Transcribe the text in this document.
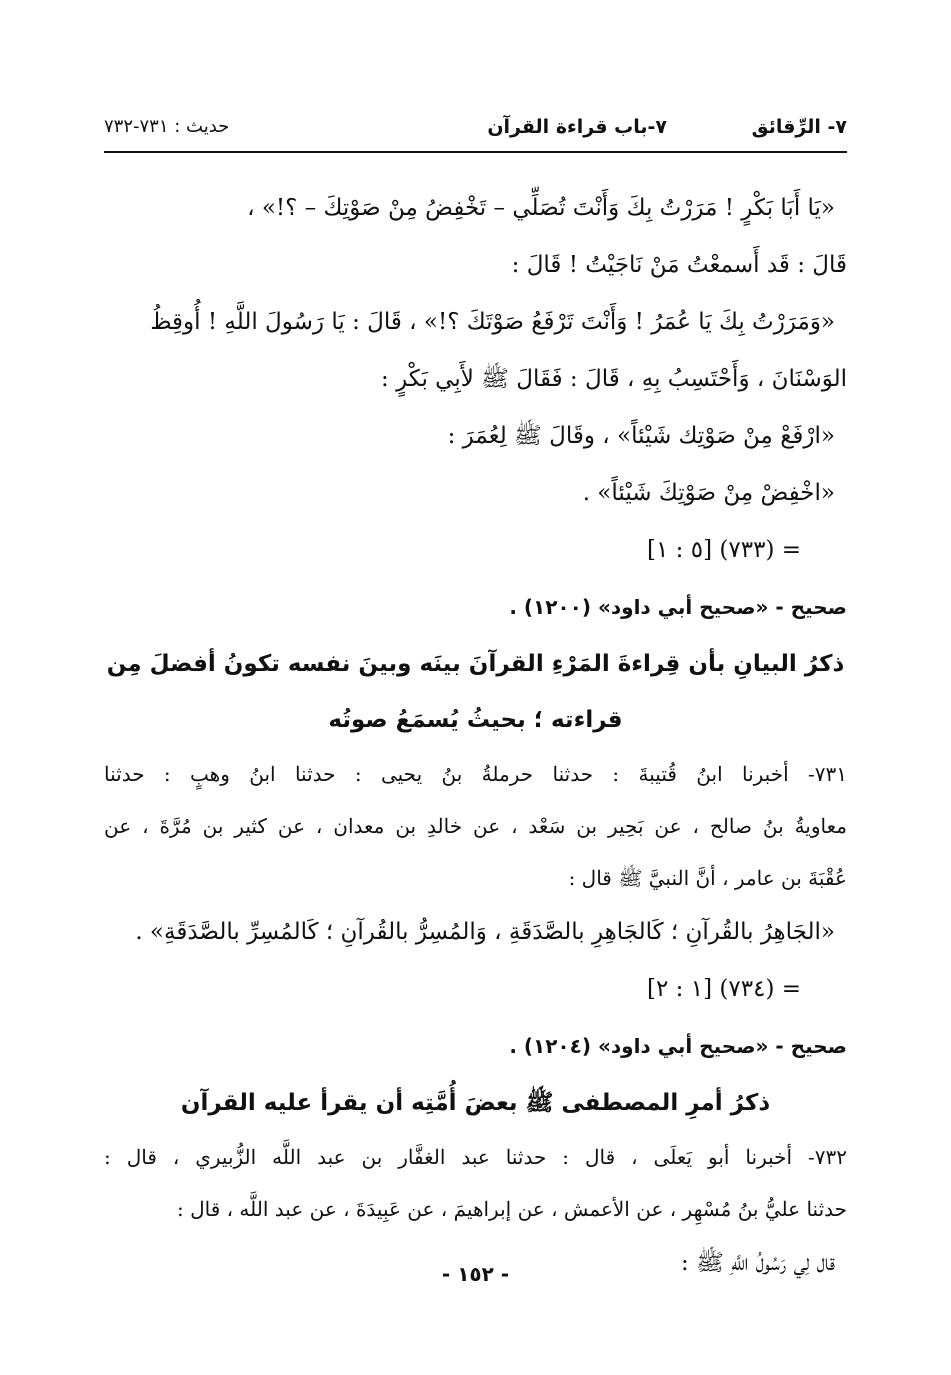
٧- الرِّقائق
٧-باب قراءة القرآن
حديث : ٧٣١-٧٣٢
«يَا أَبَا بَكْرٍ ! مَرَرْتُ بِكَ وَأَنْتَ تُصَلِّي – تَخْفِضُ مِنْ صَوْتِكَ – ؟!» ،
قَالَ : قَد أَسمعْتُ مَنْ نَاجَيْتُ ! قَالَ :
«وَمَرَرْتُ بِكَ يَا عُمَرُ ! وَأَنْتَ تَرْفَعُ صَوْتَكَ ؟!» ، قَالَ : يَا رَسُولَ اللَّهِ ! أُوقِظُ
الوَسْنَانَ ، وَأَحْتَسِبُ بِهِ ، قَالَ : فَقَالَ ﷺ لأَبِي بَكْرٍ :
«ارْفَعْ مِنْ صَوْتِك شَيْئاً» ، وقَالَ ﷺ لِعُمَرَ :
«اخْفِضْ مِنْ صَوْتِكَ شَيْئاً» .
= (٧٣٣) [٥ : ١]
صحيح - «صحيح أبي داود» (١٢٠٠) .
ذكرُ البيانِ بأن قِراءةَ المَرْءِ القرآنَ بينَه وبينَ نفسه تكونُ أفضلَ مِن
قراءته ؛ بحيثُ يُسمَعُ صوتُه
٧٣١- أخبرنا ابنُ قُتيبةَ : حدثنا حرملةُ بنُ يحيى : حدثنا ابنُ وهبٍ : حدثنا
معاويةُ بنُ صالح ، عن بَحِير بن سَعْد ، عن خالدِ بن معدان ، عن كثير بن مُرَّةَ ، عن
عُقْبَةَ بن عامر ، أنَّ النبيَّ ﷺ قال :
«الجَاهِرُ بالقُرآنِ ؛ كَالجَاهِرِ بالصَّدَقَةِ ، وَالمُسِرُّ بالقُرآنِ ؛ كَالمُسِرِّ بالصَّدَقَةِ» .
= (٧٣٤) [١ : ٢]
صحيح - «صحيح أبي داود» (١٢٠٤) .
ذكرُ أمرِ المصطفى ﷺ بعضَ أُمَّتِه أن يقرأ عليه القرآن
٧٣٢- أخبرنا أبو يَعلَى ، قال : حدثنا عبد الغفَّار بن عبد اللَّه الزُّبيري ، قال :
حدثنا عليُّ بنُ مُسْهِر ، عن الأعمش ، عن إبراهيمَ ، عن عَبِيدَةَ ، عن عبد اللَّه ، قال :
قال لِي رَسُولُ اللَّهِ ﷺ :
- ١٥٢ -
